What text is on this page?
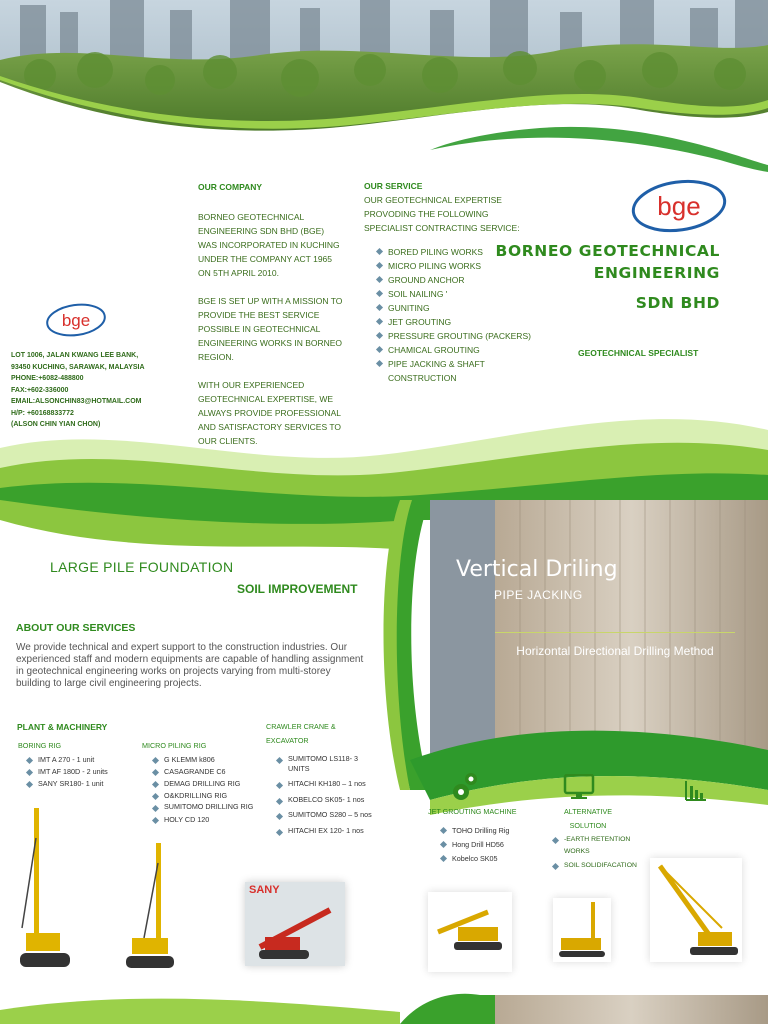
OUR COMPANY
BORNEO GEOTECHNICAL ENGINEERING SDN BHD (BGE) WAS INCORPORATED IN KUCHING UNDER THE COMPANY ACT 1965 ON 5TH APRIL 2010.
BGE IS SET UP WITH A MISSION TO PROVIDE THE BEST SERVICE POSSIBLE IN GEOTECHNICAL ENGINEERING WORKS IN BORNEO REGION.
WITH OUR EXPERIENCED GEOTECHNICAL EXPERTISE, WE ALWAYS PROVIDE PROFESSIONAL AND SATISFACTORY SERVICES TO OUR CLIENTS.
OUR SERVICE
OUR GEOTECHNICAL EXPERTISE PROVODING THE FOLLOWING SPECIALIST CONTRACTING SERVICE:
BORED PILING WORKS
MICRO PILING WORKS
GROUND ANCHOR
SOIL NAILING '
GUNITING
JET GROUTING
PRESSURE GROUTING (PACKERS)
CHAMICAL GROUTING
PIPE JACKING & SHAFT CONSTRUCTION
bge
bge
BORNEO GEOTECHNICAL
ENGINEERING
SDN BHD
GEOTECHNICAL SPECIALIST
LOT 1006, JALAN KWANG LEE BANK,
93450 KUCHING, SARAWAK, MALAYSIA
PHONE:+6082-488800
FAX:+602-336000
EMAIL:ALSONCHIN83@HOTMAIL.COM
H/P: +60168833772
(ALSON CHIN YIAN CHON)
LARGE PILE FOUNDATION
SOIL IMPROVEMENT
ABOUT OUR SERVICES
We provide technical and expert support to the construction industries. Our experienced staff and modern equipments are capable of handling assignment in geotechnical engineering works on projects varying from multi-storey building to large civil engineering projects.
PLANT & MACHINERY
BORING RIG
IMT A 270 - 1 unit
IMT AF 180D - 2 units
SANY SR180- 1 unit
MICRO PILING RIG
G KLEMM k806
CASAGRANDE C6
DEMAG DRILLING RIG
O&KDRILLING RIG
SUMITOMO DRILLING RIG
HOLY CD 120
CRAWLER CRANE & EXCAVATOR
SUMITOMO LS118- 3 UNITS
HITACHI KH180 – 1 nos
KOBELCO SK05- 1 nos
SUMITOMO S280 – 5 nos
HITACHI EX 120- 1 nos
SANY
Vertical Driling
PIPE JACKING
Horizontal Directional Drilling Method
JET GROUTING MACHINE
TOHO Drilling Rig
Hong Drill HD56
Kobelco SK05
ALTERNATIVE
SOLUTION
-EARTH RETENTION WORKS
SOIL SOLIDIFACATION
